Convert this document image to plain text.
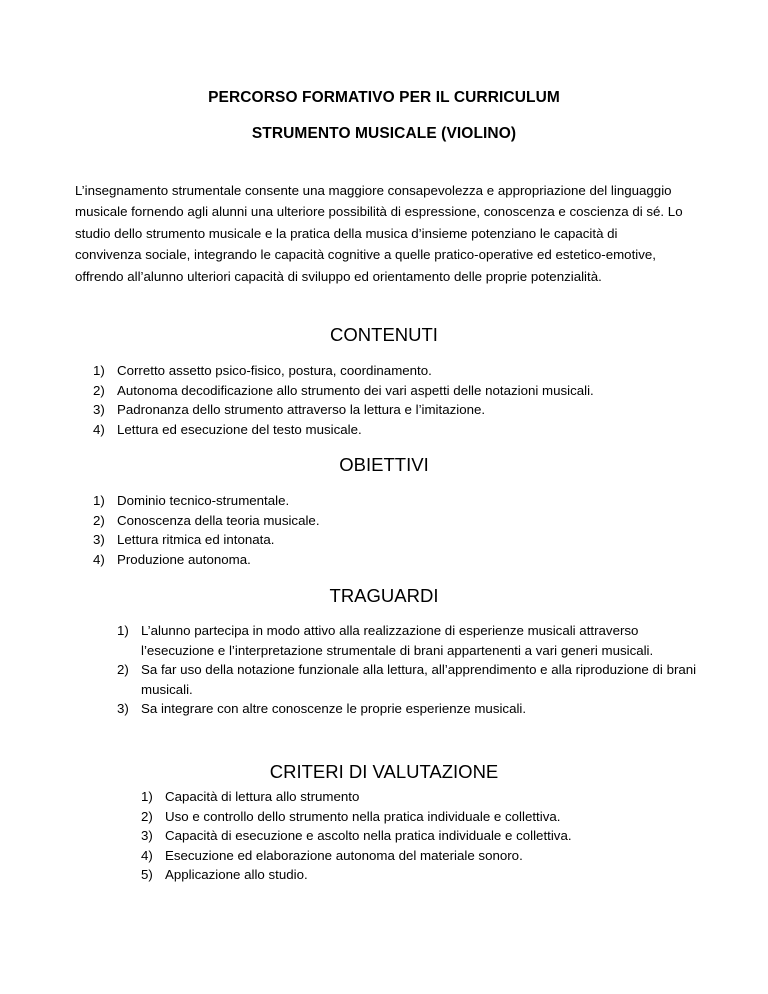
PERCORSO FORMATIVO PER IL CURRICULUM
STRUMENTO MUSICALE (VIOLINO)

L’insegnamento strumentale consente una maggiore consapevolezza e appropriazione del linguaggio musicale fornendo agli alunni una ulteriore possibilità di espressione, conoscenza e coscienza di sé. Lo studio dello strumento musicale e la pratica della musica d’insieme potenziano le capacità di convivenza sociale, integrando le capacità cognitive a quelle pratico-operative ed estetico-emotive, offrendo all’alunno ulteriori capacità di sviluppo ed orientamento delle proprie potenzialità.

CONTENUTI
1) Corretto assetto psico-fisico, postura, coordinamento.
2) Autonoma decodificazione allo strumento dei vari aspetti delle notazioni musicali.
3) Padronanza dello strumento attraverso la lettura e l’imitazione.
4) Lettura ed esecuzione del testo musicale.
OBIETTIVI
1) Dominio tecnico-strumentale.
2) Conoscenza della teoria musicale.
3) Lettura ritmica ed intonata.
4) Produzione autonoma.
TRAGUARDI
1) L’alunno partecipa in modo attivo alla realizzazione di esperienze musicali attraverso l’esecuzione e l’interpretazione strumentale di brani appartenenti a vari generi musicali.
2) Sa far uso della notazione funzionale alla lettura, all’apprendimento e alla riproduzione di brani musicali.
3) Sa integrare con altre conoscenze le proprie esperienze musicali.
CRITERI DI VALUTAZIONE
1) Capacità di lettura allo strumento
2) Uso e controllo dello strumento nella pratica individuale e collettiva.
3) Capacità di esecuzione e ascolto nella pratica individuale e collettiva.
4) Esecuzione ed elaborazione autonoma del materiale sonoro.
5) Applicazione allo studio.
